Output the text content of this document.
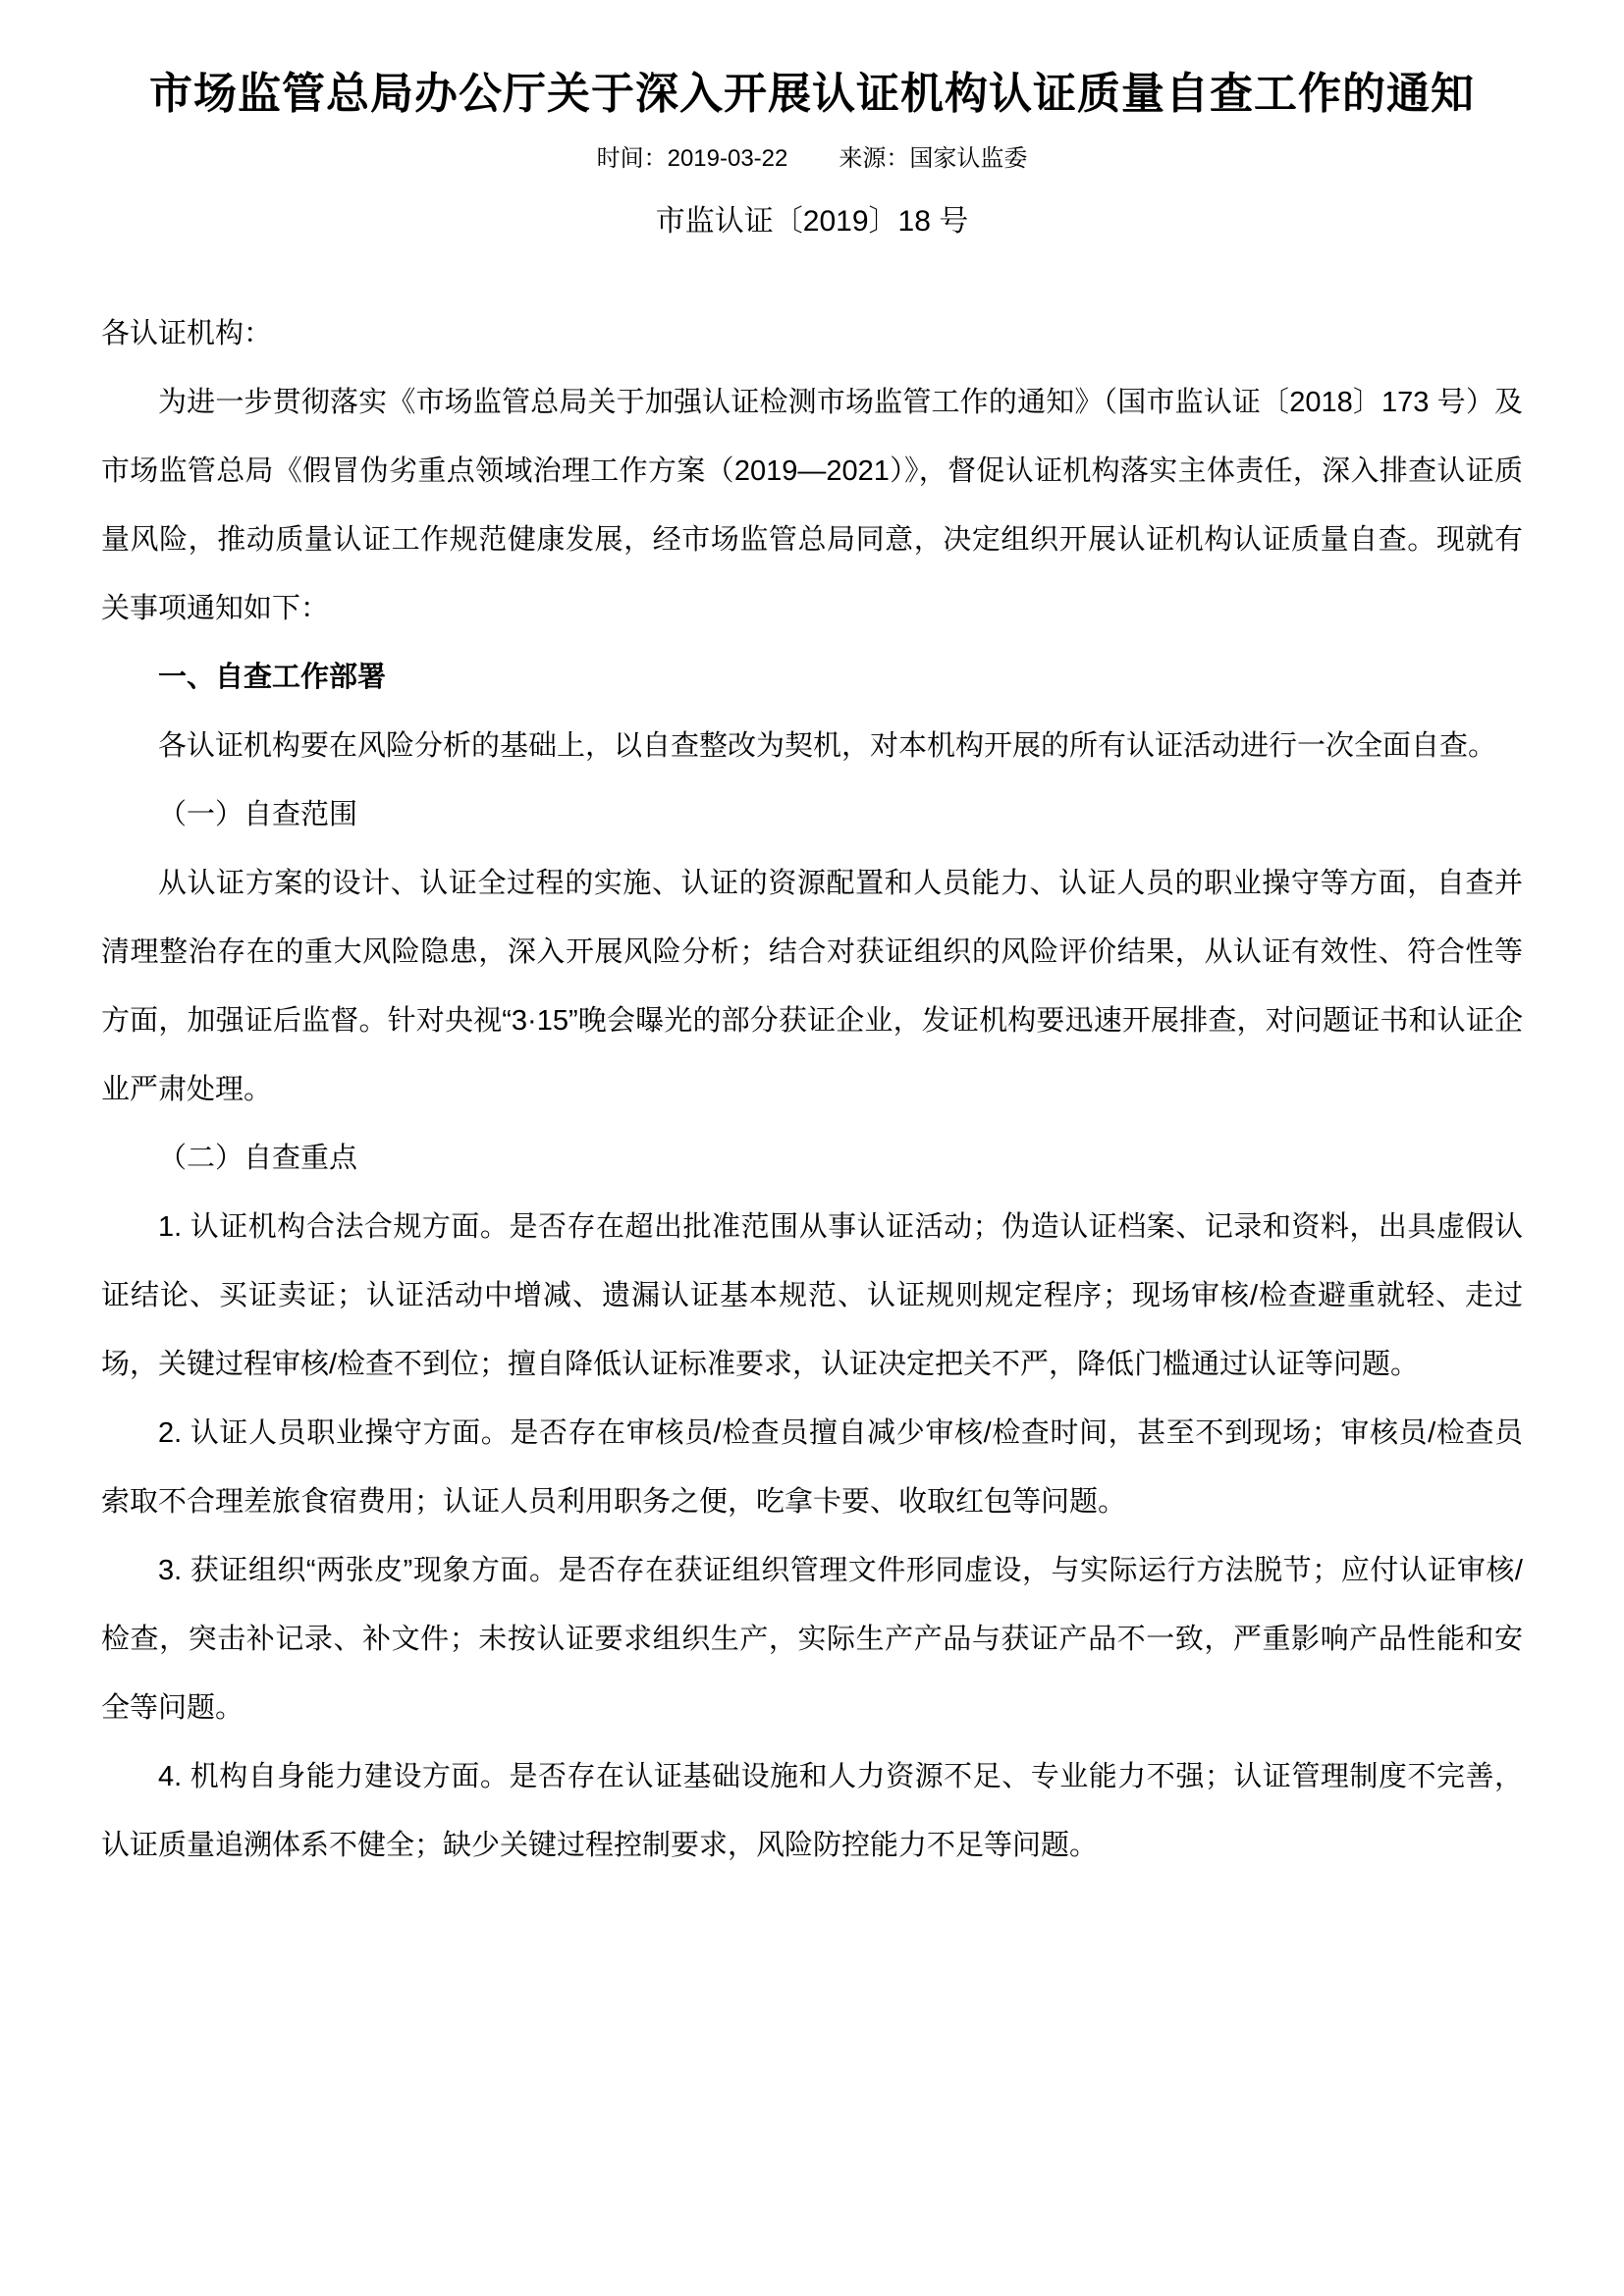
市场监管总局办公厅关于深入开展认证机构认证质量自查工作的通知
时间：2019-03-22 来源：国家认监委
市监认证〔2019〕18 号

各认证机构：

为进一步贯彻落实《市场监管总局关于加强认证检测市场监管工作的通知》（国市监认证〔2018〕173 号）及市场监管总局《假冒伪劣重点领域治理工作方案（2019—2021）》，督促认证机构落实主体责任，深入排查认证质量风险，推动质量认证工作规范健康发展，经市场监管总局同意，决定组织开展认证机构认证质量自查。现就有关事项通知如下：

一、自查工作部署

各认证机构要在风险分析的基础上，以自查整改为契机，对本机构开展的所有认证活动进行一次全面自查。

（一）自查范围

从认证方案的设计、认证全过程的实施、认证的资源配置和人员能力、认证人员的职业操守等方面，自查并清理整治存在的重大风险隐患，深入开展风险分析；结合对获证组织的风险评价结果，从认证有效性、符合性等方面，加强证后监督。针对央视“3·15”晚会曝光的部分获证企业，发证机构要迅速开展排查，对问题证书和认证企业严肃处理。

（二）自查重点

1. 认证机构合法合规方面。是否存在超出批准范围从事认证活动；伪造认证档案、记录和资料，出具虚假认证结论、买证卖证；认证活动中增减、遗漏认证基本规范、认证规则规定程序；现场审核/检查避重就轻、走过场，关键过程审核/检查不到位；擅自降低认证标准要求，认证决定把关不严，降低门槛通过认证等问题。

2. 认证人员职业操守方面。是否存在审核员/检查员擅自减少审核/检查时间，甚至不到现场；审核员/检查员索取不合理差旅食宿费用；认证人员利用职务之便，吃拿卡要、收取红包等问题。

3. 获证组织“两张皮”现象方面。是否存在获证组织管理文件形同虚设，与实际运行方法脱节；应付认证审核/检查，突击补记录、补文件；未按认证要求组织生产，实际生产产品与获证产品不一致，严重影响产品性能和安全等问题。

4. 机构自身能力建设方面。是否存在认证基础设施和人力资源不足、专业能力不强；认证管理制度不完善，认证质量追溯体系不健全；缺少关键过程控制要求，风险防控能力不足等问题。
